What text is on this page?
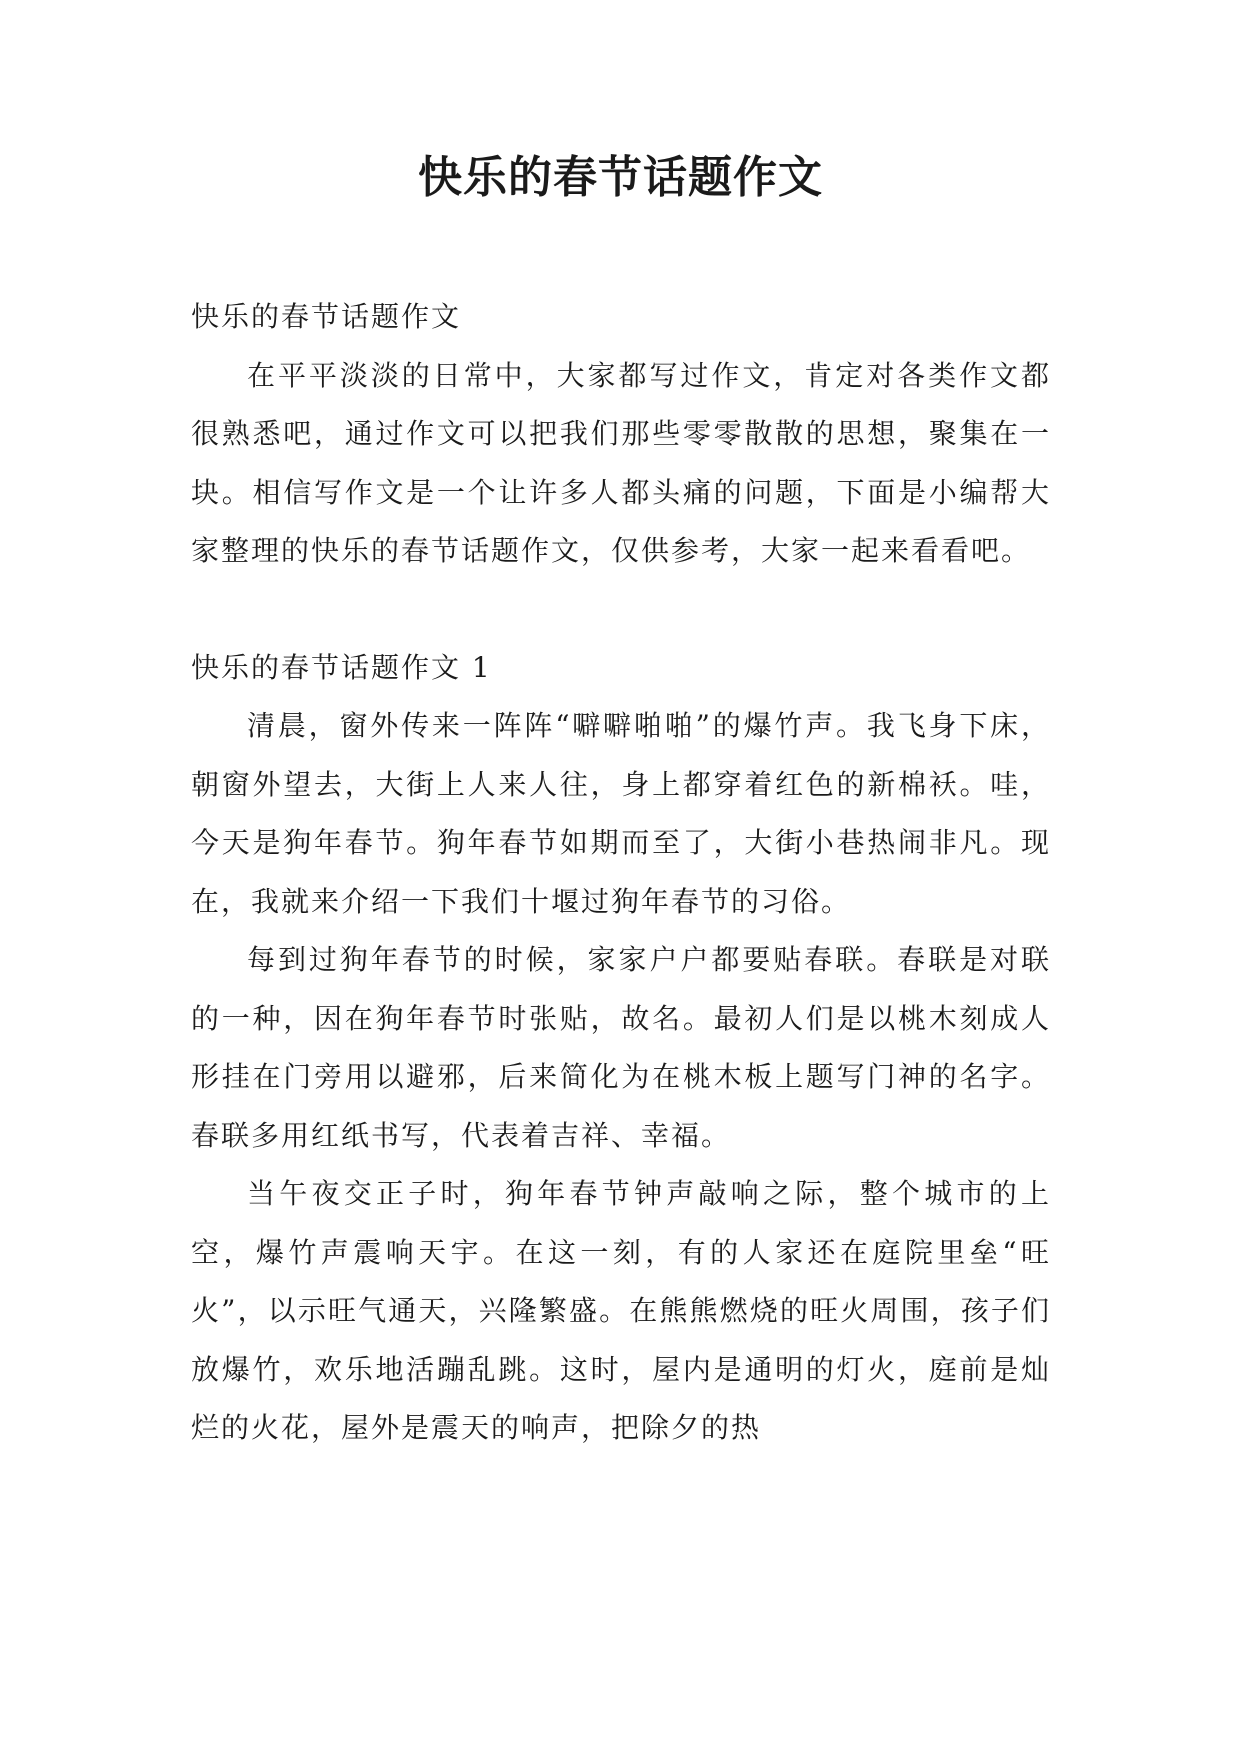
快乐的春节话题作文

快乐的春节话题作文

在平平淡淡的日常中，大家都写过作文，肯定对各类作文都很熟悉吧，通过作文可以把我们那些零零散散的思想，聚集在一块。相信写作文是一个让许多人都头痛的问题，下面是小编帮大家整理的快乐的春节话题作文，仅供参考，大家一起来看看吧。

快乐的春节话题作文 1

清晨，窗外传来一阵阵“噼噼啪啪”的爆竹声。我飞身下床，朝窗外望去，大街上人来人往，身上都穿着红色的新棉袄。哇，今天是狗年春节。狗年春节如期而至了，大街小巷热闹非凡。现在，我就来介绍一下我们十堰过狗年春节的习俗。

每到过狗年春节的时候，家家户户都要贴春联。春联是对联的一种，因在狗年春节时张贴，故名。最初人们是以桃木刻成人形挂在门旁用以避邪，后来简化为在桃木板上题写门神的名字。春联多用红纸书写，代表着吉祥、幸福。

当午夜交正子时，狗年春节钟声敲响之际，整个城市的上空，爆竹声震响天宇。在这一刻，有的人家还在庭院里垒“旺火”，以示旺气通天，兴隆繁盛。在熊熊燃烧的旺火周围，孩子们放爆竹，欢乐地活蹦乱跳。这时，屋内是通明的灯火，庭前是灿烂的火花，屋外是震天的响声，把除夕的热
